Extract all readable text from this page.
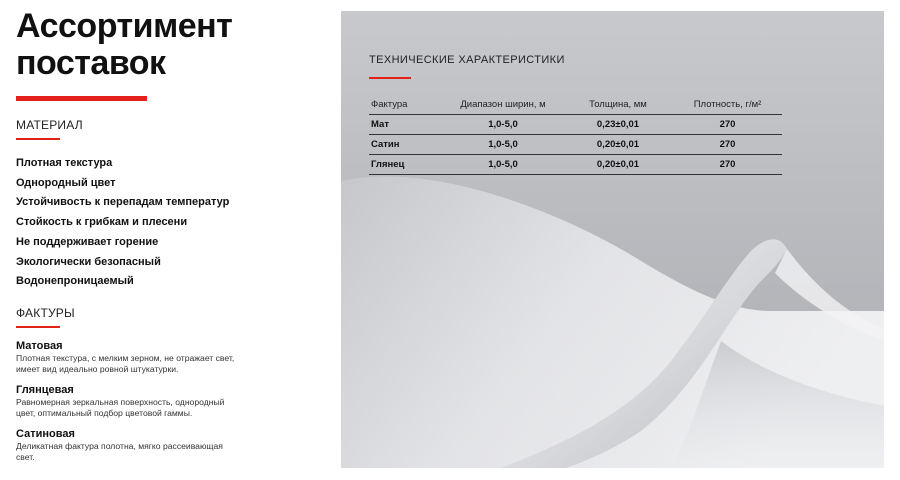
Ассортимент
поставок
МАТЕРИАЛ
Плотная текстура
Однородный цвет
Устойчивость к перепадам температур
Стойкость к грибкам и плесени
Не поддерживает горение
Экологически безопасный
Водонепроницаемый
ФАКТУРЫ
Матовая
Плотная текстура, с мелким зерном, не отражает свет, имеет вид идеально ровной штукатурки.
Глянцевая
Равномерная зеркальная поверхность, однородный цвет, оптимальный подбор цветовой гаммы.
Сатиновая
Деликатная фактура полотна, мягко рассеивающая свет.
ТЕХНИЧЕСКИЕ ХАРАКТЕРИСТИКИ
Фактура	Диапазон ширин, м	Толщина, мм	Плотность, г/м²
Мат	1,0-5,0	0,23±0,01	270
Сатин	1,0-5,0	0,20±0,01	270
Глянец	1,0-5,0	0,20±0,01	270
